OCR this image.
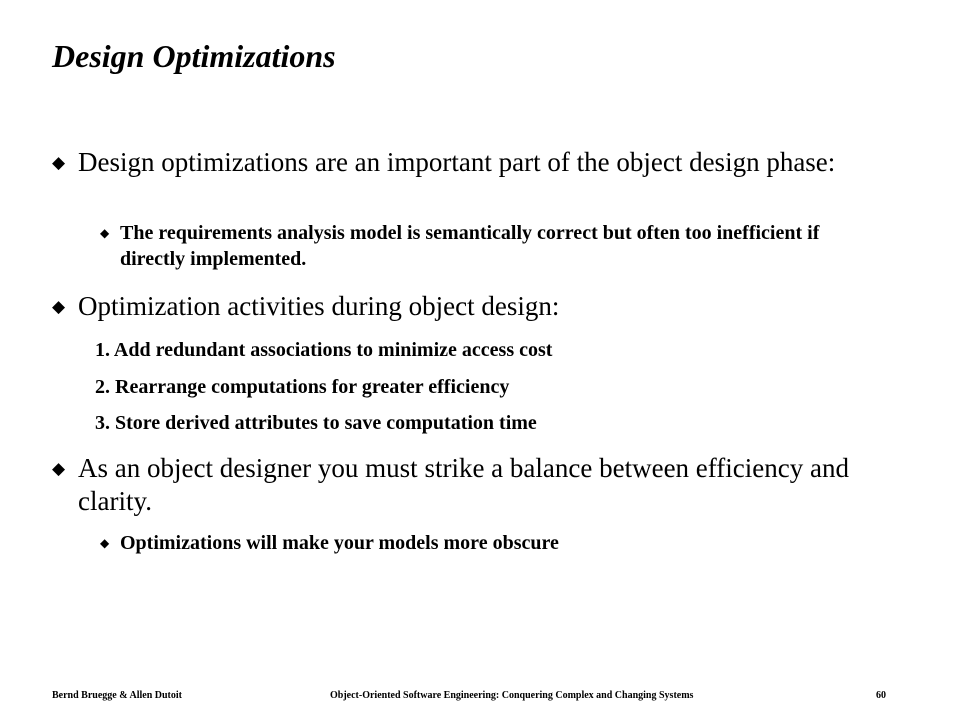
Design Optimizations
◆ Design optimizations are an important part of the object design phase:
◆ The requirements analysis model is semantically correct but often too inefficient if directly implemented.
◆ Optimization activities during object design:
1. Add redundant associations to minimize access cost
2. Rearrange computations for greater efficiency
3. Store derived attributes to save computation time
◆ As an object designer you must strike a balance between efficiency and clarity.
◆ Optimizations will make your models more obscure
Bernd Bruegge & Allen Dutoit	Object-Oriented Software Engineering: Conquering Complex and Changing Systems	60
